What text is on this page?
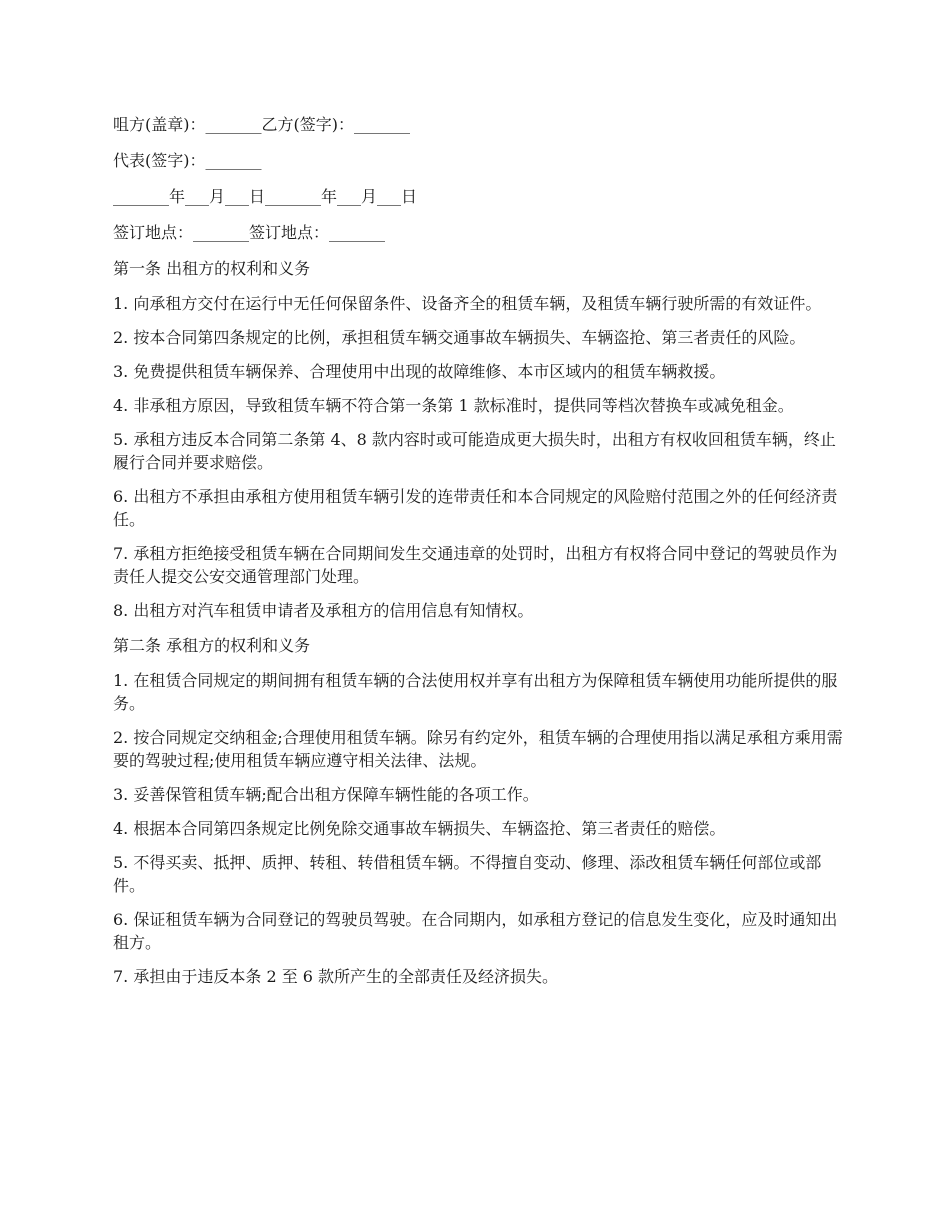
咀方(盖章)：_______乙方(签字)：_______

代表(签字)：_______

_______年___月___日_______年___月___日

签订地点：_______签订地点：_______

第一条 出租方的权利和义务

1. 向承租方交付在运行中无任何保留条件、设备齐全的租赁车辆，及租赁车辆行驶所需的有效证件。

2. 按本合同第四条规定的比例，承担租赁车辆交通事故车辆损失、车辆盗抢、第三者责任的风险。

3. 免费提供租赁车辆保养、合理使用中出现的故障维修、本市区域内的租赁车辆救援。

4. 非承租方原因，导致租赁车辆不符合第一条第 1 款标准时，提供同等档次替换车或减免租金。

5. 承租方违反本合同第二条第 4、8 款内容时或可能造成更大损失时，出租方有权收回租赁车辆，终止履行合同并要求赔偿。

6. 出租方不承担由承租方使用租赁车辆引发的连带责任和本合同规定的风险赔付范围之外的任何经济责任。

7. 承租方拒绝接受租赁车辆在合同期间发生交通违章的处罚时，出租方有权将合同中登记的驾驶员作为责任人提交公安交通管理部门处理。

8. 出租方对汽车租赁申请者及承租方的信用信息有知情权。

第二条 承租方的权利和义务

1. 在租赁合同规定的期间拥有租赁车辆的合法使用权并享有出租方为保障租赁车辆使用功能所提供的服务。

2. 按合同规定交纳租金;合理使用租赁车辆。除另有约定外，租赁车辆的合理使用指以满足承租方乘用需要的驾驶过程;使用租赁车辆应遵守相关法律、法规。

3. 妥善保管租赁车辆;配合出租方保障车辆性能的各项工作。

4. 根据本合同第四条规定比例免除交通事故车辆损失、车辆盗抢、第三者责任的赔偿。

5. 不得买卖、抵押、质押、转租、转借租赁车辆。不得擅自变动、修理、添改租赁车辆任何部位或部件。

6. 保证租赁车辆为合同登记的驾驶员驾驶。在合同期内，如承租方登记的信息发生变化，应及时通知出租方。

7. 承担由于违反本条 2 至 6 款所产生的全部责任及经济损失。
